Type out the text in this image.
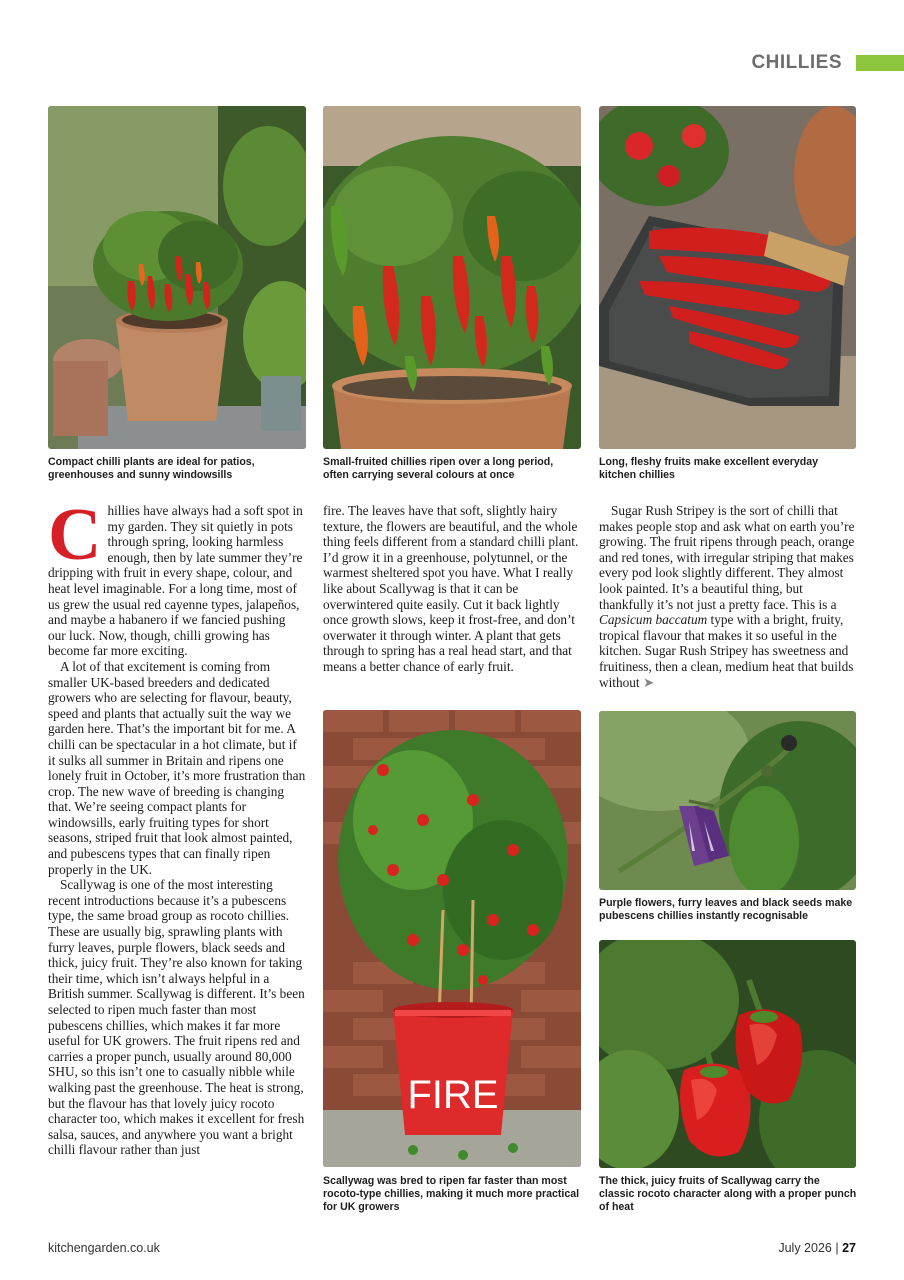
CHILLIES
Compact chilli plants are ideal for patios, greenhouses and sunny windowsills
Small-fruited chillies ripen over a long period, often carrying several colours at once
Long, fleshy fruits make excellent everyday kitchen chillies

Chillies have always had a soft spot in my garden. They sit quietly in pots through spring, looking harmless enough, then by late summer they’re dripping with fruit in every shape, colour, and heat level imaginable. For a long time, most of us grew the usual red cayenne types, jalapeños, and maybe a habanero if we fancied pushing our luck. Now, though, chilli growing has become far more exciting.

A lot of that excitement is coming from smaller UK-based breeders and dedicated growers who are selecting for flavour, beauty, speed and plants that actually suit the way we garden here. That’s the important bit for me. A chilli can be spectacular in a hot climate, but if it sulks all summer in Britain and ripens one lonely fruit in October, it’s more frustration than crop. The new wave of breeding is changing that. We’re seeing compact plants for windowsills, early fruiting types for short seasons, striped fruit that look almost painted, and pubescens types that can finally ripen properly in the UK.

Scallywag is one of the most interesting recent introductions because it’s a pubescens type, the same broad group as rocoto chillies. These are usually big, sprawling plants with furry leaves, purple flowers, black seeds and thick, juicy fruit. They’re also known for taking their time, which isn’t always helpful in a British summer. Scallywag is different. It’s been selected to ripen much faster than most pubescens chillies, which makes it far more useful for UK growers. The fruit ripens red and carries a proper punch, usually around 80,000 SHU, so this isn’t one to casually nibble while walking past the greenhouse. The heat is strong, but the flavour has that lovely juicy rocoto character too, which makes it excellent for fresh salsa, sauces, and anywhere you want a bright chilli flavour rather than just

fire. The leaves have that soft, slightly hairy texture, the flowers are beautiful, and the whole thing feels different from a standard chilli plant. I’d grow it in a greenhouse, polytunnel, or the warmest sheltered spot you have. What I really like about Scallywag is that it can be overwintered quite easily. Cut it back lightly once growth slows, keep it frost-free, and don’t overwater it through winter. A plant that gets through to spring has a real head start, and that means a better chance of early fruit.

Sugar Rush Stripey is the sort of chilli that makes people stop and ask what on earth you’re growing. The fruit ripens through peach, orange and red tones, with irregular striping that makes every pod look slightly different. They almost look painted. It’s a beautiful thing, but thankfully it’s not just a pretty face. This is a Capsicum baccatum type with a bright, fruity, tropical flavour that makes it so useful in the kitchen. Sugar Rush Stripey has sweetness and fruitiness, then a clean, medium heat that builds without ➤

FIRE
Scallywag was bred to ripen far faster than most rocoto-type chillies, making it much more practical for UK growers
Purple flowers, furry leaves and black seeds make pubescens chillies instantly recognisable
The thick, juicy fruits of Scallywag carry the classic rocoto character along with a proper punch of heat
kitchengarden.co.uk	July 2026 | 27
